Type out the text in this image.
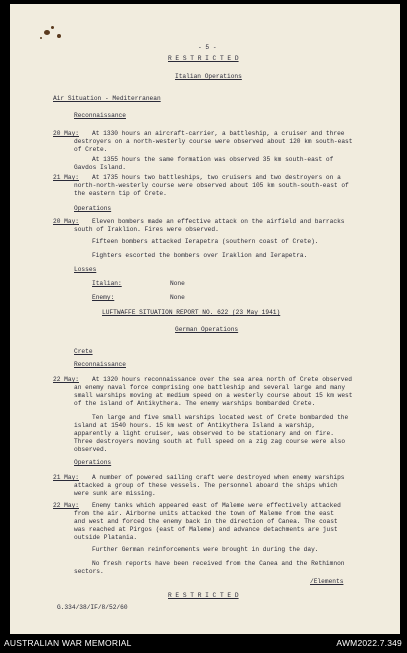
- 5 -
R E S T R I C T E D
Italian Operations
Air Situation - Mediterranean
Reconnaissance
20 May: At 1330 hours an aircraft-carrier, a battleship, a cruiser and three
destroyers on a north-westerly course were observed about 120 km south-east
of Crete.
At 1355 hours the same formation was observed 35 km south-east of
Gavdos Island.
21 May: At 1735 hours two battleships, two cruisers and two destroyers on a
north-north-westerly course were observed about 105 km south-south-east of
the eastern tip of Crete.
Operations
20 May: Eleven bombers made an effective attack on the airfield and barracks
south of Iraklion. Fires were observed.
Fifteen bombers attacked Ierapetra (southern coast of Crete).
Fighters escorted the bombers over Iraklion and Ierapetra.
Losses
Italian:	None
Enemy:	None
LUFTWAFFE SITUATION REPORT NO. 622 (23 May 1941)
German Operations
Crete
Reconnaissance
22 May: At 1320 hours reconnaissance over the sea area north of Crete observed
an enemy naval force comprising one battleship and several large and many
small warships moving at medium speed on a westerly course about 15 km west
of the island of Antikythera. The enemy warships bombarded Crete.
Ten large and five small warships located west of Crete bombarded the
island at 1540 hours. 15 km west of Antikythera Island a warship,
apparently a light cruiser, was observed to be stationary and on fire.
Three destroyers moving south at full speed on a zig zag course were also
observed.
Operations
21 May: A number of powered sailing craft were destroyed when enemy warships
attacked a group of these vessels. The personnel aboard the ships which
were sunk are missing.
22 May: Enemy tanks which appeared east of Maleme were effectively attacked
from the air. Airborne units attacked the town of Maleme from the east
and west and forced the enemy back in the direction of Canea. The coast
was reached at Pirgos (east of Maleme) and advance detachments are just
outside Platania.
Further German reinforcements were brought in during the day.
No fresh reports have been received from the Canea and the Rethimnon
sectors.
/Elements
R E S T R I C T E D
G.334/38/IF/8/52/60
AUSTRALIAN WAR MEMORIAL	AWM2022.7.349
